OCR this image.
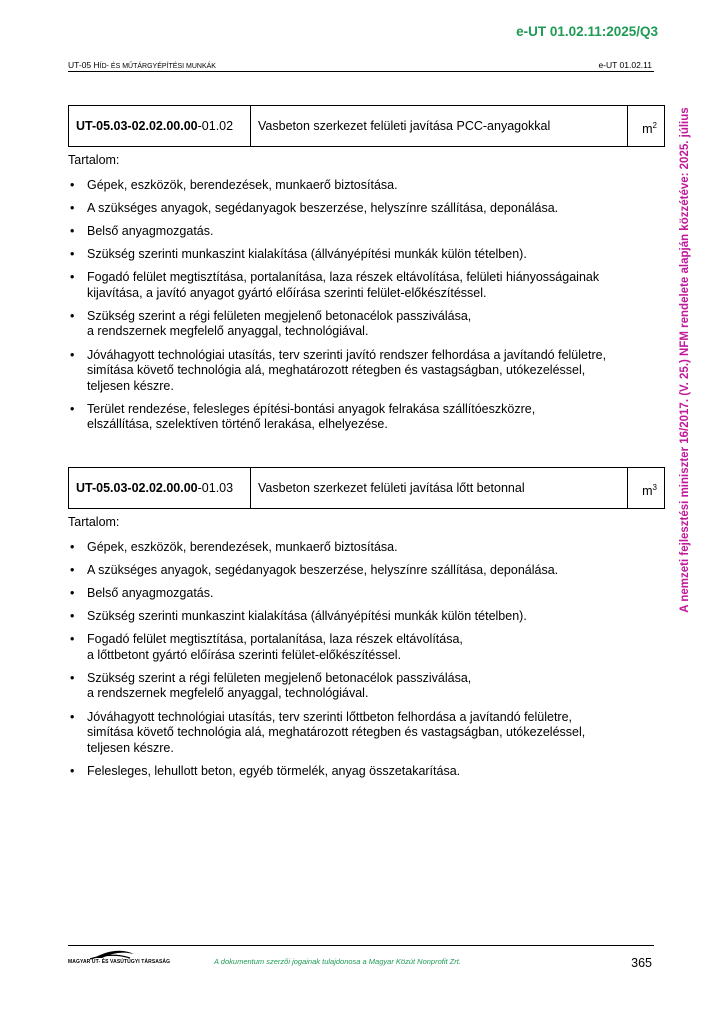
e-UT 01.02.11:2025/Q3
UT-05 HÍD- ÉS MŰTÁRGYÉPÍTÉSI MUNKÁK	e-UT 01.02.11
A nemzeti fejlesztési miniszter 16/2017. (V. 25.) NFM rendelete alapján közzétéve: 2025. július
UT-05.03-02.02.00.00-01.02	Vasbeton szerkezet felületi javítása PCC-anyagokkal	$m^2$
Tartalom:
• Gépek, eszközök, berendezések, munkaerő biztosítása.
• A szükséges anyagok, segédanyagok beszerzése, helyszínre szállítása, deponálása.
• Belső anyagmozgatás.
• Szükség szerinti munkaszint kialakítása (állványépítési munkák külön tételben).
• Fogadó felület megtisztítása, portalanítása, laza részek eltávolítása, felületi hiányosságainak
kijavítása, a javító anyagot gyártó előírása szerinti felület-előkészítéssel.
• Szükség szerint a régi felületen megjelenő betonacélok passziválása,
a rendszernek megfelelő anyaggal, technológiával.
• Jóváhagyott technológiai utasítás, terv szerinti javító rendszer felhordása a javítandó felületre,
simítása követő technológia alá, meghatározott rétegben és vastagságban, utókezeléssel,
teljesen készre.
• Terület rendezése, felesleges építési-bontási anyagok felrakása szállítóeszközre,
elszállítása, szelektíven történő lerakása, elhelyezése.
UT-05.03-02.02.00.00-01.03	Vasbeton szerkezet felületi javítása lőtt betonnal	$m^3$
Tartalom:
• Gépek, eszközök, berendezések, munkaerő biztosítása.
• A szükséges anyagok, segédanyagok beszerzése, helyszínre szállítása, deponálása.
• Belső anyagmozgatás.
• Szükség szerinti munkaszint kialakítása (állványépítési munkák külön tételben).
• Fogadó felület megtisztítása, portalanítása, laza részek eltávolítása,
a lőttbetont gyártó előírása szerinti felület-előkészítéssel.
• Szükség szerint a régi felületen megjelenő betonacélok passziválása,
a rendszernek megfelelő anyaggal, technológiával.
• Jóváhagyott technológiai utasítás, terv szerinti lőttbeton felhordása a javítandó felületre,
simítása követő technológia alá, meghatározott rétegben és vastagságban, utókezeléssel,
teljesen készre.
• Felesleges, lehullott beton, egyéb törmelék, anyag összetakarítása.
MAGYAR ÚT- ÉS VASÚTÜGYI TÁRSASÁG	A dokumentum szerzői jogainak tulajdonosa a Magyar Közút Nonprofit Zrt.	365
